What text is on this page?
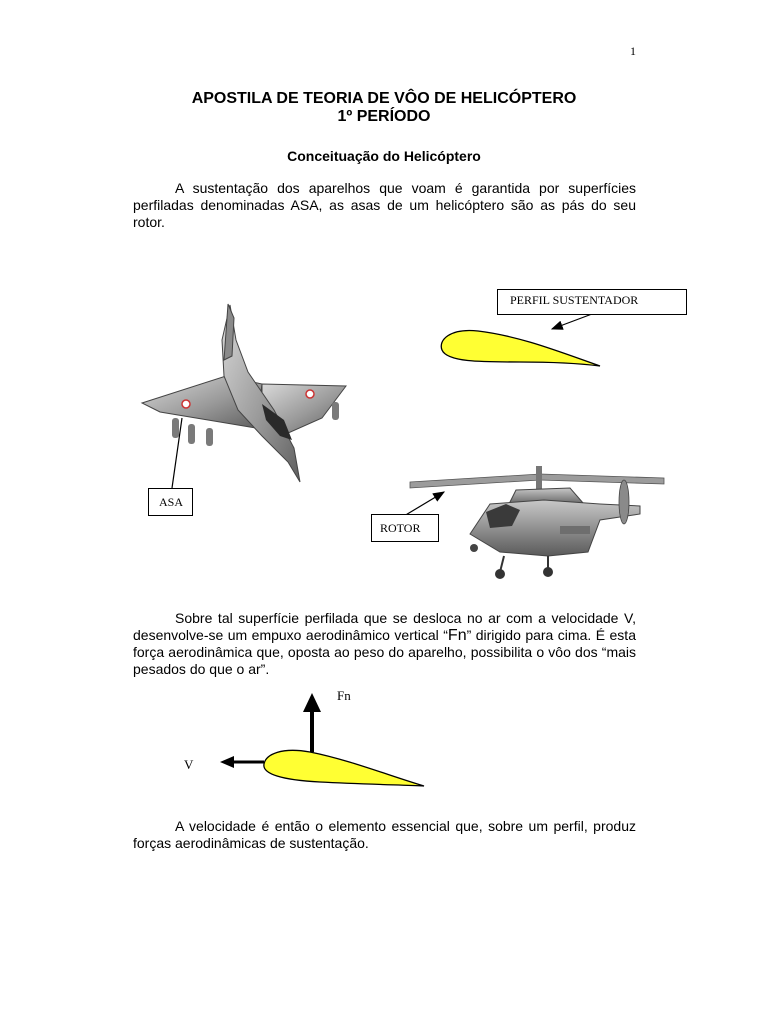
1
APOSTILA DE TEORIA DE VÔO DE HELICÓPTERO
1º PERÍODO
Conceituação do Helicóptero

A sustentação dos aparelhos que voam é garantida por superfícies perfiladas denominadas ASA, as asas de um helicóptero são as pás do seu rotor.

PERFIL SUSTENTADOR
ASA
ROTOR

Sobre tal superfície perfilada que se desloca no ar com a velocidade V, desenvolve-se um empuxo aerodinâmico vertical “Fn” dirigido para cima. É esta força aerodinâmica que, oposta ao peso do aparelho, possibilita o vôo dos “mais pesados do que o ar”.

Fn
V

A velocidade é então o elemento essencial que, sobre um perfil, produz forças aerodinâmicas de sustentação.
